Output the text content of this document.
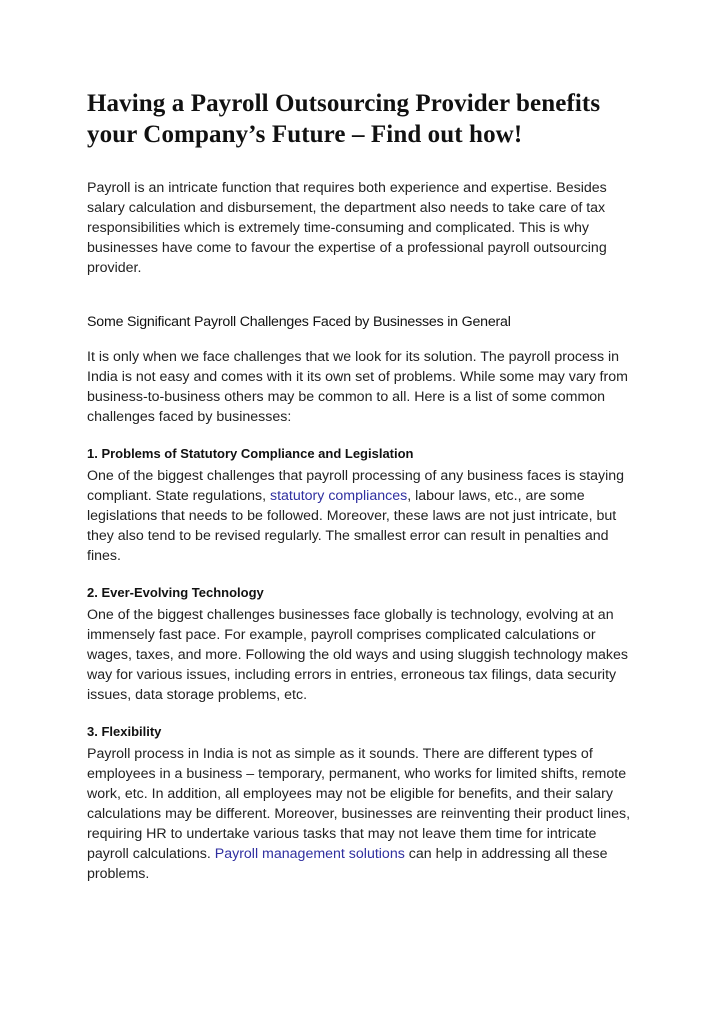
Having a Payroll Outsourcing Provider benefits your Company’s Future – Find out how!

Payroll is an intricate function that requires both experience and expertise. Besides salary calculation and disbursement, the department also needs to take care of tax responsibilities which is extremely time-consuming and complicated. This is why businesses have come to favour the expertise of a professional payroll outsourcing provider.

Some Significant Payroll Challenges Faced by Businesses in General

It is only when we face challenges that we look for its solution. The payroll process in India is not easy and comes with it its own set of problems. While some may vary from business-to-business others may be common to all. Here is a list of some common challenges faced by businesses:

1. Problems of Statutory Compliance and Legislation

One of the biggest challenges that payroll processing of any business faces is staying compliant. State regulations, statutory compliances, labour laws, etc., are some legislations that needs to be followed. Moreover, these laws are not just intricate, but they also tend to be revised regularly. The smallest error can result in penalties and fines.

2. Ever-Evolving Technology

One of the biggest challenges businesses face globally is technology, evolving at an immensely fast pace. For example, payroll comprises complicated calculations or wages, taxes, and more. Following the old ways and using sluggish technology makes way for various issues, including errors in entries, erroneous tax filings, data security issues, data storage problems, etc.

3. Flexibility

Payroll process in India is not as simple as it sounds. There are different types of employees in a business – temporary, permanent, who works for limited shifts, remote work, etc. In addition, all employees may not be eligible for benefits, and their salary calculations may be different. Moreover, businesses are reinventing their product lines, requiring HR to undertake various tasks that may not leave them time for intricate payroll calculations. Payroll management solutions can help in addressing all these problems.
